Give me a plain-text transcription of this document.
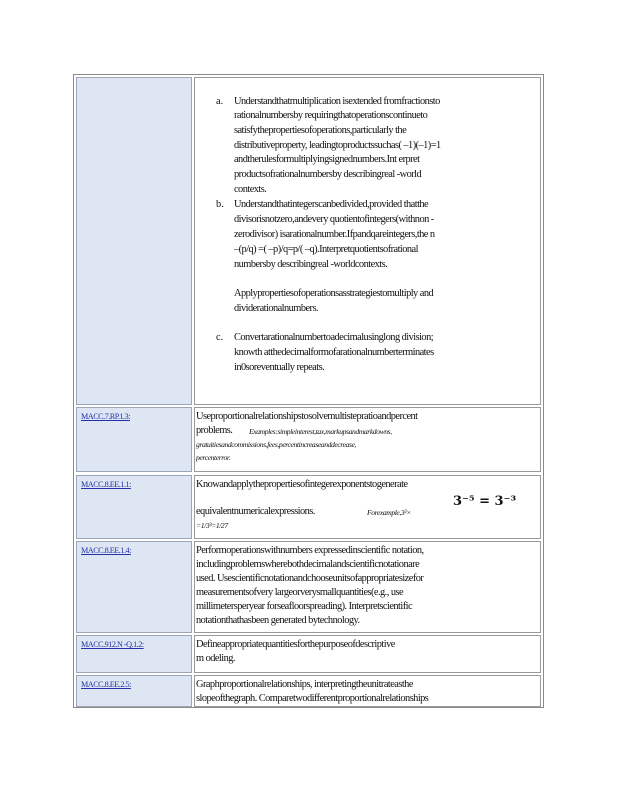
a. Understandthatmultiplication isextended fromfractionsto
rationalnumbersby requiringthatoperationscontinueto
satisfythepropertiesofoperations,particularly the
distributiveproperty, leadingtoproductssuchas( –1)(–1)=1
andtherulesformultiplyingsignednumbers.Int erpret
productsofrationalnumbersby describingreal -world
contexts.
b. Understandthatintegerscanbedivided,provided thatthe
divisorisnotzero,andevery quotientofintegers(withnon -
zerodivisor) isarationalnumber.Ifpandqareintegers,the n
–(p/q) =( –p)/q=p/( –q).Interpretquotientsofrational
numbersby describingreal -worldcontexts.
Applypropertiesofoperationsasstrategiestomultiply and
dividerationalnumbers.
c. Convertarationalnumbertoadecimalusinglong division;
knowth atthedecimalformofarationalnumberterminates
in0soreventually repeats.
MACC.7.RP.1.3:	Useproportionalrelationshipstosolvemultistepratioandpercent
problems. Examples:simpleinterest,tax,markupsandmarkdowns,
gratuitiesandcommissions,fees,percentincreaseanddecrease,
percenterror.
MACC.8.EE.1.1:	Knowandapplythepropertiesofintegerexponentstogenerate
3⁻⁵ = 3⁻³
equivalentnumericalexpressions.	Forexample,3²×
=1/3³=1/27
MACC.8.EE.1.4:	Performoperationswithnumbers expressedinscientific notation,
includingproblemswherebothdecimalandscientificnotationare
used. Usescientificnotationandchooseunitsofappropriatesizefor
measurementsofvery largeorverysmallquantities(e.g., use
millimetersperyear forseafloorspreading). Interpretscientific
notationthathasbeen generated bytechnology.
MACC.912.N -Q.1.2:	Defineappropriatequantitiesforthepurposeofdescriptive
m odeling.
MACC.8.EE.2.5:	Graphproportionalrelationships, interpretingtheunitrateasthe
slopeofthegraph. Comparetwodifferentproportionalrelationships
